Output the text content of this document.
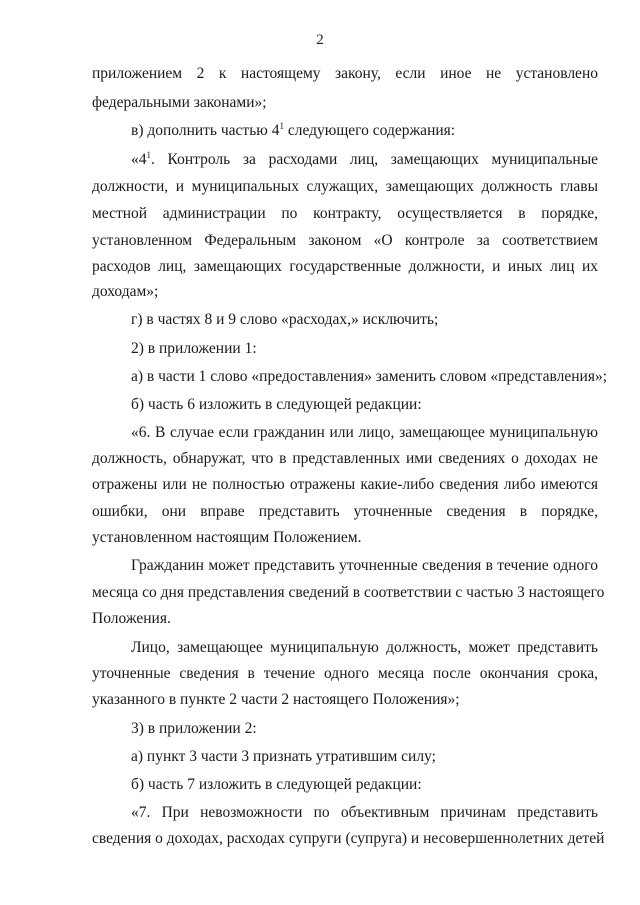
2
приложением 2 к настоящему закону, если иное не установлено
федеральными законами»;
в) дополнить частью $4^1$ следующего содержания:
«$4^1$. Контроль за расходами лиц, замещающих муниципальные
должности, и муниципальных служащих, замещающих должность главы
местной администрации по контракту, осуществляется в порядке,
установленном Федеральным законом «О контроле за соответствием
расходов лиц, замещающих государственные должности, и иных лиц их
доходам»;
г) в частях 8 и 9 слово «расходах,» исключить;
2) в приложении 1:
а) в части 1 слово «предоставления» заменить словом «представления»;
б) часть 6 изложить в следующей редакции:
«6. В случае если гражданин или лицо, замещающее муниципальную
должность, обнаружат, что в представленных ими сведениях о доходах не
отражены или не полностью отражены какие-либо сведения либо имеются
ошибки, они вправе представить уточненные сведения в порядке,
установленном настоящим Положением.
Гражданин может представить уточненные сведения в течение одного
месяца со дня представления сведений в соответствии с частью 3 настоящего
Положения.
Лицо, замещающее муниципальную должность, может представить
уточненные сведения в течение одного месяца после окончания срока,
указанного в пункте 2 части 2 настоящего Положения»;
3) в приложении 2:
а) пункт 3 части 3 признать утратившим силу;
б) часть 7 изложить в следующей редакции:
«7. При невозможности по объективным причинам представить
сведения о доходах, расходах супруги (супруга) и несовершеннолетних детей
